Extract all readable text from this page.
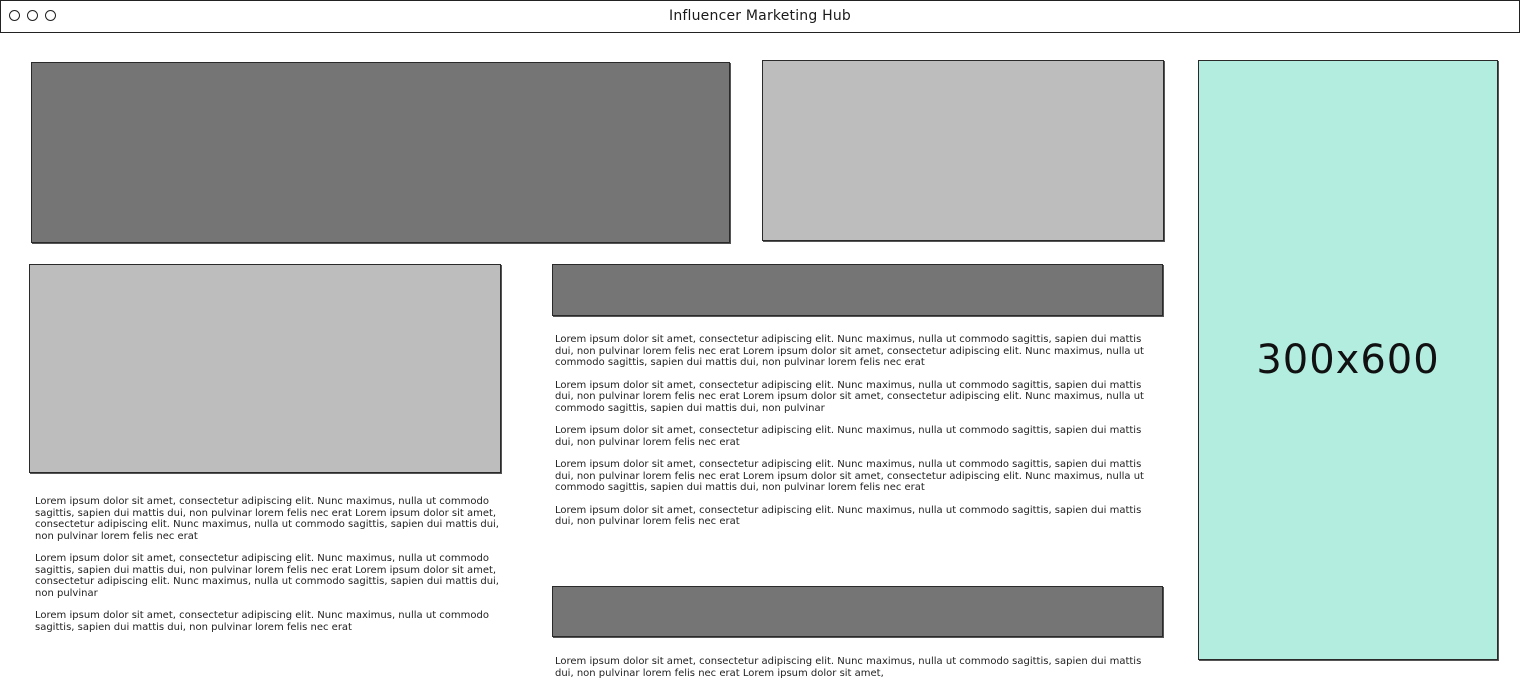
Influencer Marketing Hub

Lorem ipsum dolor sit amet, consectetur adipiscing elit. Nunc maximus, nulla ut commodo sagittis, sapien dui mattis dui, non pulvinar lorem felis nec erat Lorem ipsum dolor sit amet, consectetur adipiscing elit. Nunc maximus, nulla ut commodo sagittis, sapien dui mattis dui, non pulvinar lorem felis nec erat

Lorem ipsum dolor sit amet, consectetur adipiscing elit. Nunc maximus, nulla ut commodo sagittis, sapien dui mattis dui, non pulvinar lorem felis nec erat Lorem ipsum dolor sit amet, consectetur adipiscing elit. Nunc maximus, nulla ut commodo sagittis, sapien dui mattis dui, non pulvinar

Lorem ipsum dolor sit amet, consectetur adipiscing elit. Nunc maximus, nulla ut commodo sagittis, sapien dui mattis dui, non pulvinar lorem felis nec erat

Lorem ipsum dolor sit amet, consectetur adipiscing elit. Nunc maximus, nulla ut commodo sagittis, sapien dui mattis dui, non pulvinar lorem felis nec erat Lorem ipsum dolor sit amet, consectetur adipiscing elit. Nunc maximus, nulla ut commodo sagittis, sapien dui mattis dui, non pulvinar lorem felis nec erat

Lorem ipsum dolor sit amet, consectetur adipiscing elit. Nunc maximus, nulla ut commodo sagittis, sapien dui mattis dui, non pulvinar lorem felis nec erat Lorem ipsum dolor sit amet, consectetur adipiscing elit. Nunc maximus, nulla ut commodo sagittis, sapien dui mattis dui, non pulvinar

Lorem ipsum dolor sit amet, consectetur adipiscing elit. Nunc maximus, nulla ut commodo sagittis, sapien dui mattis dui, non pulvinar lorem felis nec erat

Lorem ipsum dolor sit amet, consectetur adipiscing elit. Nunc maximus, nulla ut commodo sagittis, sapien dui mattis dui, non pulvinar lorem felis nec erat Lorem ipsum dolor sit amet, consectetur adipiscing elit. Nunc maximus, nulla ut commodo sagittis, sapien dui mattis dui, non pulvinar lorem felis nec erat

Lorem ipsum dolor sit amet, consectetur adipiscing elit. Nunc maximus, nulla ut commodo sagittis, sapien dui mattis dui, non pulvinar lorem felis nec erat

Lorem ipsum dolor sit amet, consectetur adipiscing elit. Nunc maximus, nulla ut commodo sagittis, sapien dui mattis dui, non pulvinar lorem felis nec erat Lorem ipsum dolor sit amet,

300x600
